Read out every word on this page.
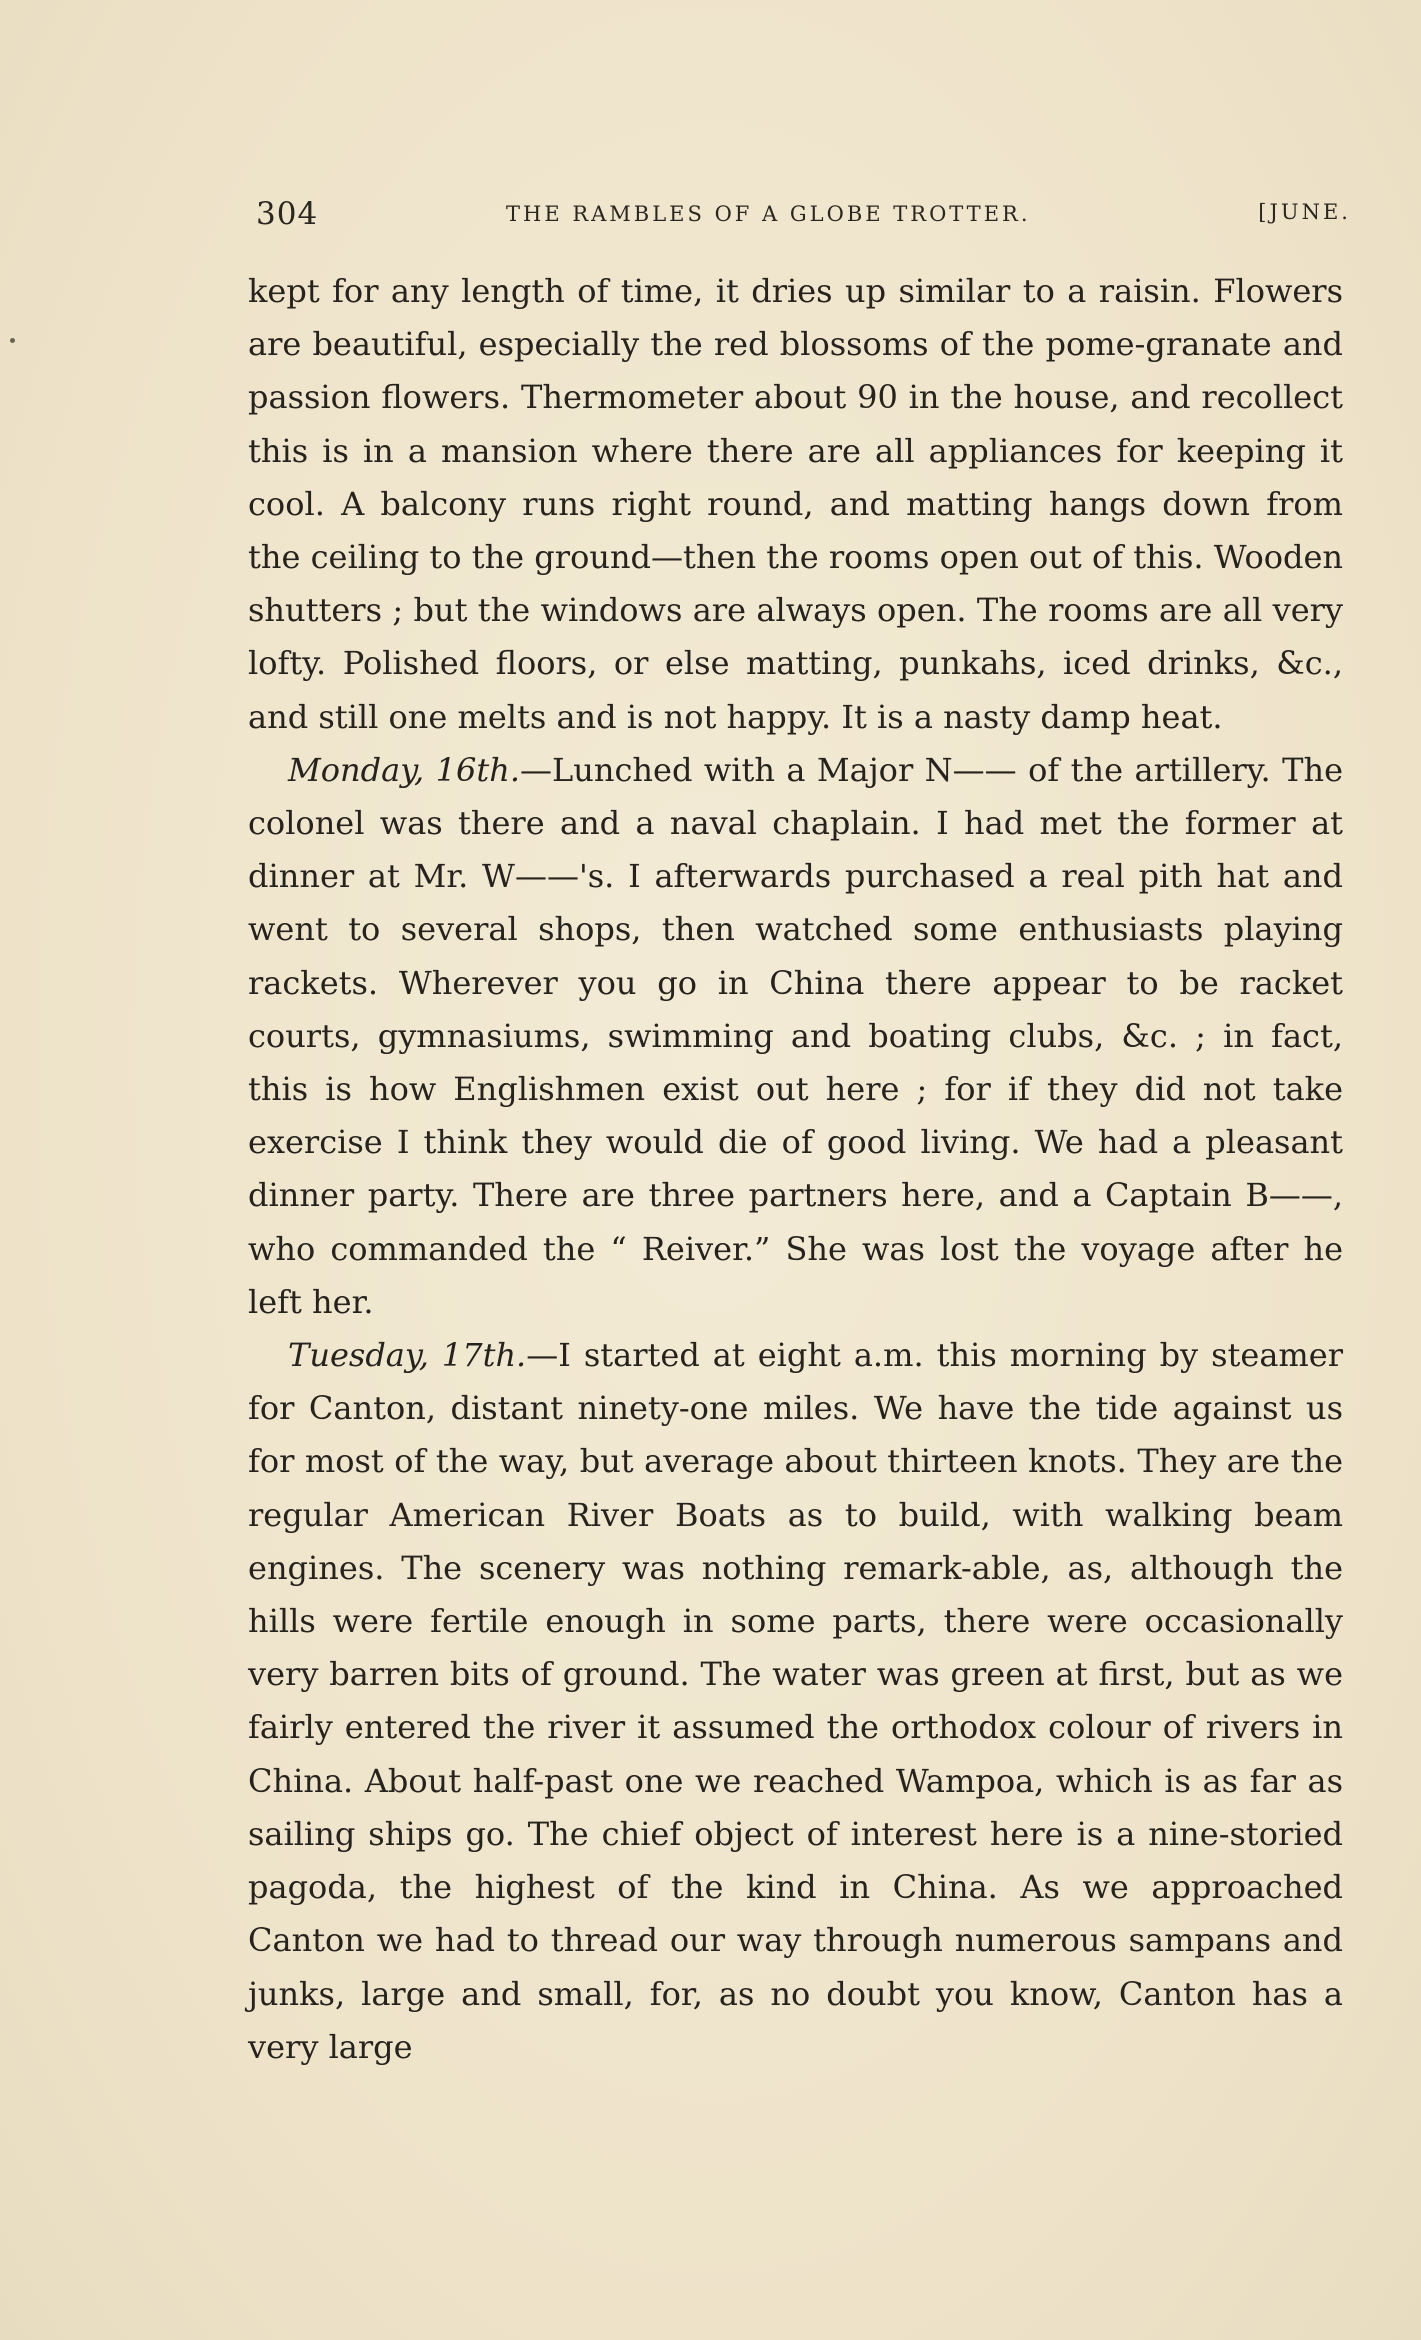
304	THE RAMBLES OF A GLOBE TROTTER.	[JUNE.

kept for any length of time, it dries up similar to a raisin. Flowers are beautiful, especially the red blossoms of the pome-granate and passion flowers. Thermometer about 90 in the house, and recollect this is in a mansion where there are all appliances for keeping it cool. A balcony runs right round, and matting hangs down from the ceiling to the ground—then the rooms open out of this. Wooden shutters ; but the windows are always open. The rooms are all very lofty. Polished floors, or else matting, punkahs, iced drinks, &c., and still one melts and is not happy. It is a nasty damp heat.

Monday, 16th.—Lunched with a Major N—— of the artillery. The colonel was there and a naval chaplain. I had met the former at dinner at Mr. W——'s. I afterwards purchased a real pith hat and went to several shops, then watched some enthusiasts playing rackets. Wherever you go in China there appear to be racket courts, gymnasiums, swimming and boating clubs, &c. ; in fact, this is how Englishmen exist out here ; for if they did not take exercise I think they would die of good living. We had a pleasant dinner party. There are three partners here, and a Captain B——, who commanded the “ Reiver.” She was lost the voyage after he left her.

Tuesday, 17th.—I started at eight a.m. this morning by steamer for Canton, distant ninety-one miles. We have the tide against us for most of the way, but average about thirteen knots. They are the regular American River Boats as to build, with walking beam engines. The scenery was nothing remark-able, as, although the hills were fertile enough in some parts, there were occasionally very barren bits of ground. The water was green at first, but as we fairly entered the river it assumed the orthodox colour of rivers in China. About half-past one we reached Wampoa, which is as far as sailing ships go. The chief object of interest here is a nine-storied pagoda, the highest of the kind in China. As we approached Canton we had to thread our way through numerous sampans and junks, large and small, for, as no doubt you know, Canton has a very large
